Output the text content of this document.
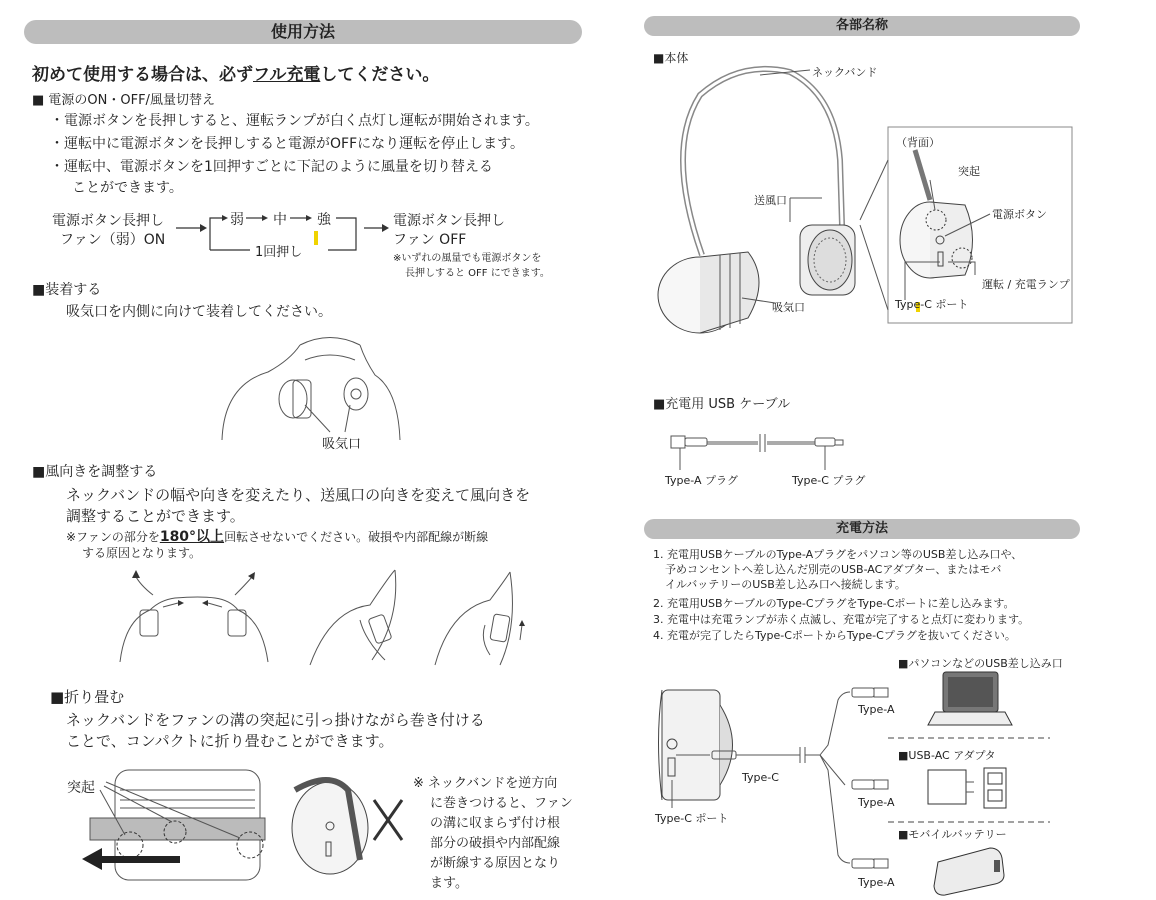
使用方法
初めて使用する場合は、必ずフル充電してください。
■ 電源のON・OFF/風量切替え
・電源ボタンを長押しすると、運転ランプが白く点灯し運転が開始されます。
・運転中に電源ボタンを長押しすると電源がOFFになり運転を停止します。
・運転中、電源ボタンを1回押すごとに下記のように風量を切り替える
ことができます。
電源ボタン長押し
ファン（弱）ON
弱 中 強
1回押し
電源ボタン長押し
ファン OFF
※いずれの風量でも電源ボタンを
長押しすると OFF にできます。
■装着する
吸気口を内側に向けて装着してください。
吸気口
■風向きを調整する
ネックバンドの幅や向きを変えたり、送風口の向きを変えて風向きを
調整することができます。
※ファンの部分を180°以上回転させないでください。破損や内部配線が断線
する原因となります。
■折り畳む
ネックバンドをファンの溝の突起に引っ掛けながら巻き付ける
ことで、コンパクトに折り畳むことができます。
突起	※ ネックバンドを逆方向
に巻きつけると、ファン
の溝に収まらず付け根
部分の破損や内部配線
が断線する原因となり
ます。
各部名称
■本体
ネックバンド
送風口
吸気口
（背面）
突起
電源ボタン
運転 / 充電ランプ
Type-C ポート
■充電用 USB ケーブル
Type-A プラグ	Type-C プラグ
充電方法
1. 充電用USBケーブルのType-Aプラグをパソコン等のUSB差し込み口や、
予めコンセントへ差し込んだ別売のUSB-ACアダプター、またはモバ
イルバッテリーのUSB差し込み口へ接続します。
2. 充電用USBケーブルのType-CプラグをType-Cポートに差し込みます。
3. 充電中は充電ランプが赤く点滅し、充電が完了すると点灯に変わります。
4. 充電が完了したらType-CポートからType-Cプラグを抜いてください。
■パソコンなどのUSB差し込み口
Type-A
Type-C
■USB-AC アダプタ
Type-A
Type-C ポート
■モバイルバッテリー
Type-A
